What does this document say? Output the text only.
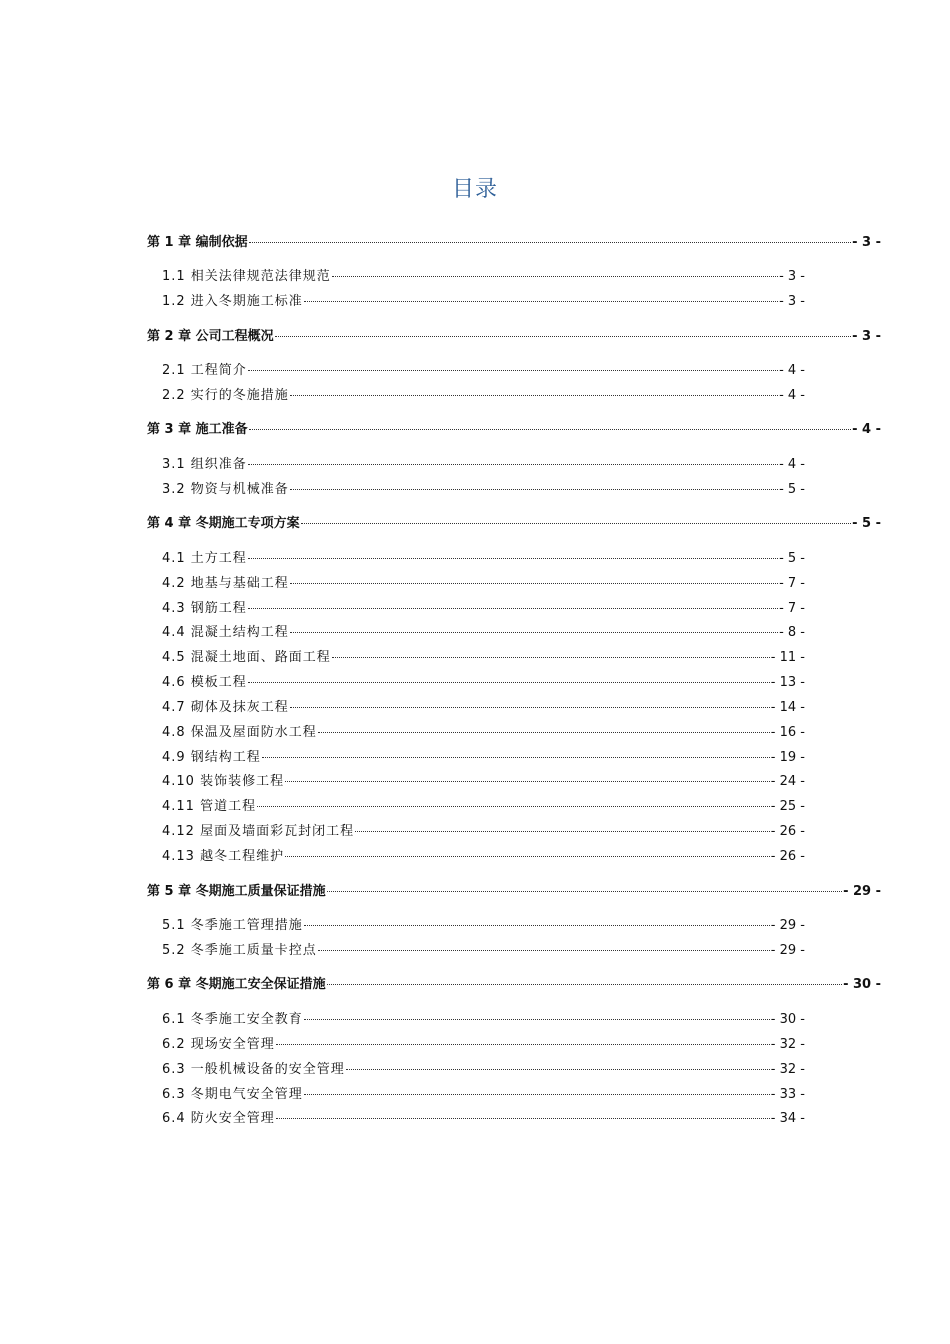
目录
第 1 章 编制依据	- 3 -
1.1 相关法律规范法律规范	- 3 -
1.2 进入冬期施工标准	- 3 -
第 2 章 公司工程概况	- 3 -
2.1 工程简介	- 4 -
2.2 实行的冬施措施	- 4 -
第 3 章 施工准备	- 4 -
3.1 组织准备	- 4 -
3.2 物资与机械准备	- 5 -
第 4 章 冬期施工专项方案	- 5 -
4.1 土方工程	- 5 -
4.2 地基与基础工程	- 7 -
4.3 钢筋工程	- 7 -
4.4 混凝土结构工程	- 8 -
4.5 混凝土地面、路面工程	- 11 -
4.6 模板工程	- 13 -
4.7 砌体及抹灰工程	- 14 -
4.8 保温及屋面防水工程	- 16 -
4.9 钢结构工程	- 19 -
4.10 装饰装修工程	- 24 -
4.11 管道工程	- 25 -
4.12 屋面及墙面彩瓦封闭工程	- 26 -
4.13 越冬工程维护	- 26 -
第 5 章 冬期施工质量保证措施	- 29 -
5.1 冬季施工管理措施	- 29 -
5.2 冬季施工质量卡控点	- 29 -
第 6 章 冬期施工安全保证措施	- 30 -
6.1 冬季施工安全教育	- 30 -
6.2 现场安全管理	- 32 -
6.3 一般机械设备的安全管理	- 32 -
6.3 冬期电气安全管理	- 33 -
6.4 防火安全管理	- 34 -
